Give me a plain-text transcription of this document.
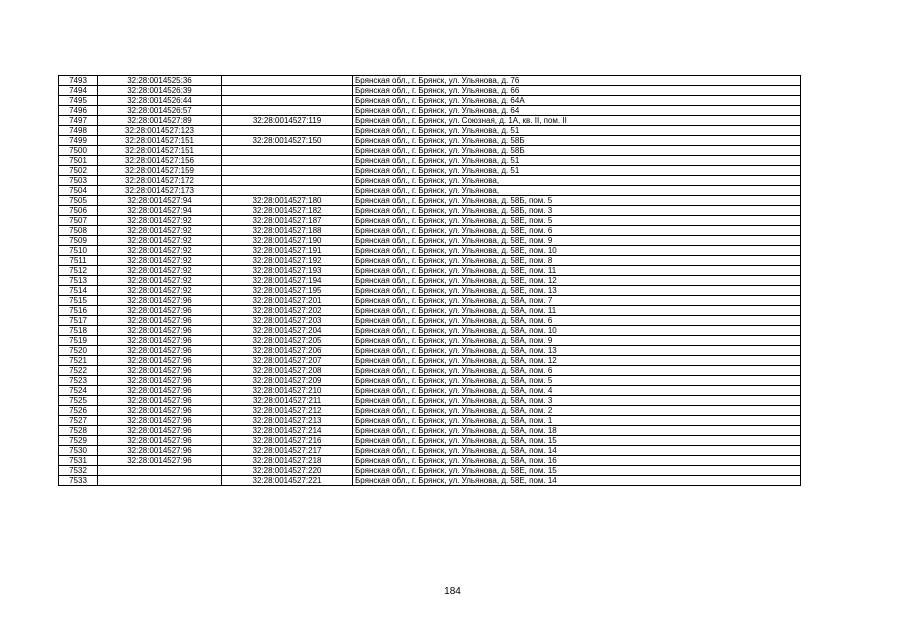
7493	32:28:0014525:36		Брянская обл., г. Брянск, ул. Ульянова, д. 76
7494	32:28:0014526:39		Брянская обл., г. Брянск, ул. Ульянова, д. 66
7495	32:28:0014526:44		Брянская обл., г. Брянск, ул. Ульянова, д. 64А
7496	32:28:0014526:57		Брянская обл., г. Брянск, ул. Ульянова, д. 64
7497	32:28:0014527:89	32:28:0014527:119	Брянская обл., г. Брянск, ул. Союзная, д. 1А, кв. II, пом. II
7498	32:28:0014527:123		Брянская обл., г. Брянск, ул. Ульянова, д. 51
7499	32:28:0014527:151	32:28:0014527:150	Брянская обл., г. Брянск, ул. Ульянова, д. 58Б
7500	32:28:0014527:151		Брянская обл., г. Брянск, ул. Ульянова, д. 58Б
7501	32:28:0014527:156		Брянская обл., г. Брянск, ул. Ульянова, д. 51
7502	32:28:0014527:159		Брянская обл., г. Брянск, ул. Ульянова, д. 51
7503	32:28:0014527:172		Брянская обл., г. Брянск, ул. Ульянова,
7504	32:28:0014527:173		Брянская обл., г. Брянск, ул. Ульянова,
7505	32:28:0014527:94	32:28:0014527:180	Брянская обл., г. Брянск, ул. Ульянова, д. 58Б, пом. 5
7506	32:28:0014527:94	32:28:0014527:182	Брянская обл., г. Брянск, ул. Ульянова, д. 58Б, пом. 3
7507	32:28:0014527:92	32:28:0014527:187	Брянская обл., г. Брянск, ул. Ульянова, д. 58Е, пом. 5
7508	32:28:0014527:92	32:28:0014527:188	Брянская обл., г. Брянск, ул. Ульянова, д. 58Е, пом. 6
7509	32:28:0014527:92	32:28:0014527:190	Брянская обл., г. Брянск, ул. Ульянова, д. 58Е, пом. 9
7510	32:28:0014527:92	32:28:0014527:191	Брянская обл., г. Брянск, ул. Ульянова, д. 58Е, пом. 10
7511	32:28:0014527:92	32:28:0014527:192	Брянская обл., г. Брянск, ул. Ульянова, д. 58Е, пом. 8
7512	32:28:0014527:92	32:28:0014527:193	Брянская обл., г. Брянск, ул. Ульянова, д. 58Е, пом. 11
7513	32:28:0014527:92	32:28:0014527:194	Брянская обл., г. Брянск, ул. Ульянова, д. 58Е, пом. 12
7514	32:28:0014527:92	32:28:0014527:195	Брянская обл., г. Брянск, ул. Ульянова, д. 58Е, пом. 13
7515	32:28:0014527:96	32:28:0014527:201	Брянская обл., г. Брянск, ул. Ульянова, д. 58А, пом. 7
7516	32:28:0014527:96	32:28:0014527:202	Брянская обл., г. Брянск, ул. Ульянова, д. 58А, пом. 11
7517	32:28:0014527:96	32:28:0014527:203	Брянская обл., г. Брянск, ул. Ульянова, д. 58А, пом. 6
7518	32:28:0014527:96	32:28:0014527:204	Брянская обл., г. Брянск, ул. Ульянова, д. 58А, пом. 10
7519	32:28:0014527:96	32:28:0014527:205	Брянская обл., г. Брянск, ул. Ульянова, д. 58А, пом. 9
7520	32:28:0014527:96	32:28:0014527:206	Брянская обл., г. Брянск, ул. Ульянова, д. 58А, пом. 13
7521	32:28:0014527:96	32:28:0014527:207	Брянская обл., г. Брянск, ул. Ульянова, д. 58А, пом. 12
7522	32:28:0014527:96	32:28:0014527:208	Брянская обл., г. Брянск, ул. Ульянова, д. 58А, пом. 6
7523	32:28:0014527:96	32:28:0014527:209	Брянская обл., г. Брянск, ул. Ульянова, д. 58А, пом. 5
7524	32:28:0014527:96	32:28:0014527:210	Брянская обл., г. Брянск, ул. Ульянова, д. 58А, пом. 4
7525	32:28:0014527:96	32:28:0014527:211	Брянская обл., г. Брянск, ул. Ульянова, д. 58А, пом. 3
7526	32:28:0014527:96	32:28:0014527:212	Брянская обл., г. Брянск, ул. Ульянова, д. 58А, пом. 2
7527	32:28:0014527:96	32:28:0014527:213	Брянская обл., г. Брянск, ул. Ульянова, д. 58А, пом. 1
7528	32:28:0014527:96	32:28:0014527:214	Брянская обл., г. Брянск, ул. Ульянова, д. 58А, пом. 18
7529	32:28:0014527:96	32:28:0014527:216	Брянская обл., г. Брянск, ул. Ульянова, д. 58А, пом. 15
7530	32:28:0014527:96	32:28:0014527:217	Брянская обл., г. Брянск, ул. Ульянова, д. 58А, пом. 14
7531	32:28:0014527:96	32:28:0014527:218	Брянская обл., г. Брянск, ул. Ульянова, д. 58А, пом. 16
7532		32:28:0014527:220	Брянская обл., г. Брянск, ул. Ульянова, д. 58Е, пом. 15
7533		32:28:0014527:221	Брянская обл., г. Брянск, ул. Ульянова, д. 58Е, пом. 14
184
